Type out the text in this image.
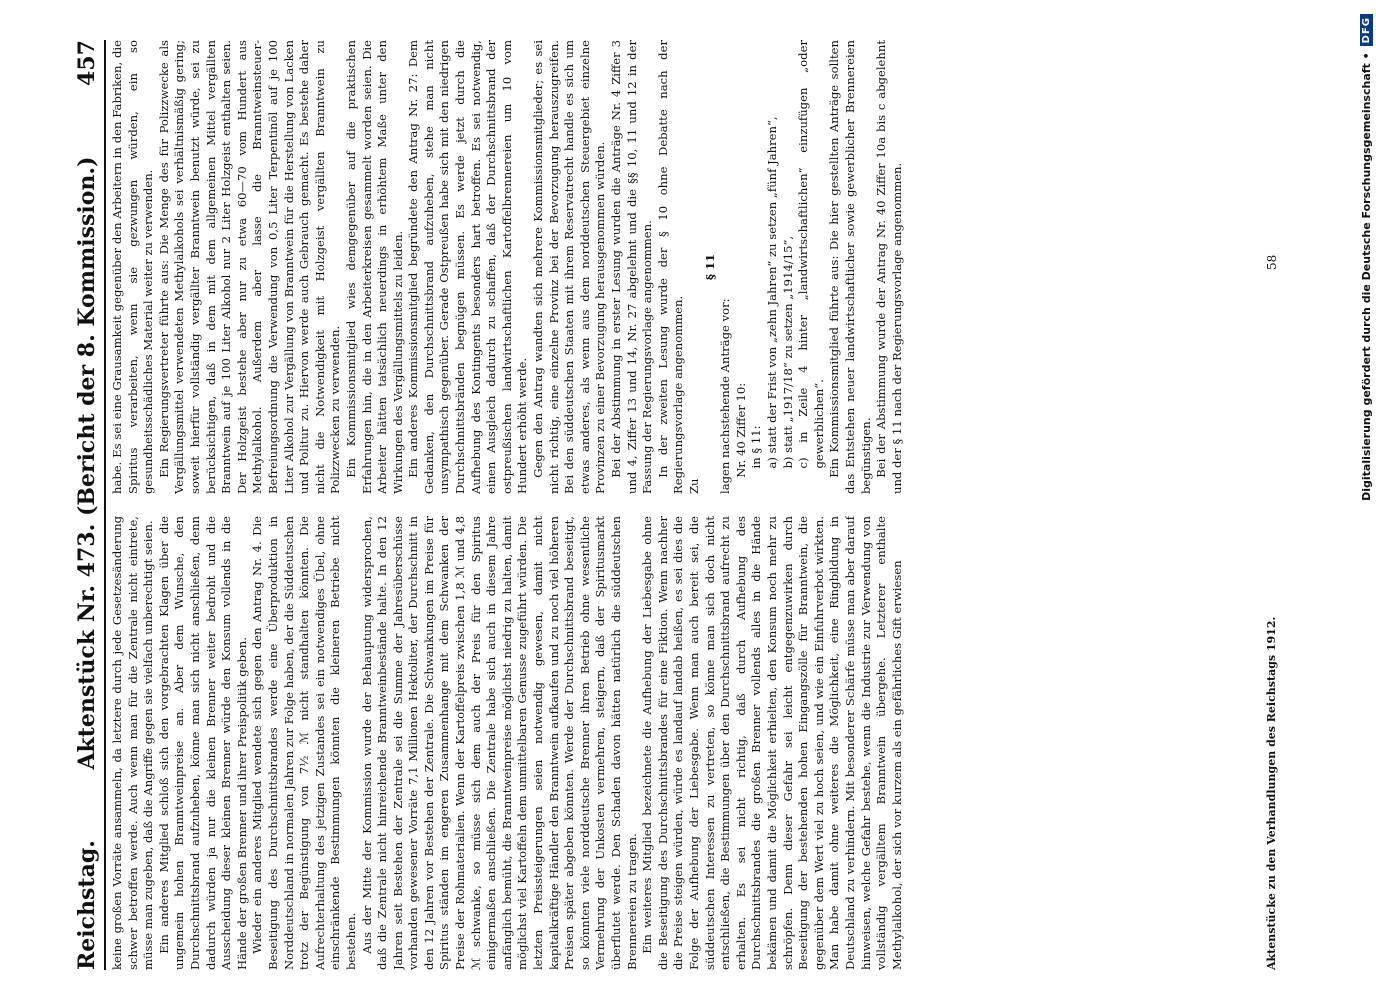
Reichstag.
Aktenstück Nr. 473. (Bericht der 8. Kommission.)
457

keine großen Vorräte ansammeln, da letztere durch jede Gesetzesänderung schwer betroffen werde. Auch wenn man für die Zentrale nicht eintrete, müsse man zugeben, daß die Angriffe gegen sie vielfach unberechtigt seien. Ein anderes Mitglied schloß sich den vorgebrachten Klagen über die ungemein hohen Branntweinpreise an. Aber dem Wunsche, den Durchschnittsbrand aufzuheben, könne man sich nicht anschließen, denn dadurch würden ja nur die kleinen Brenner weiter bedroht und die Ausscheidung dieser kleinen Brenner würde den Konsum vollends in die Hände der großen Brenner und ihrer Preispolitik geben. Wieder ein anderes Mitglied wendete sich gegen den Antrag Nr. 4. Die Beseitigung des Durchschnittsbrandes werde eine Überproduktion in Norddeutschland in normalen Jahren zur Folge haben, der die Süddeutschen trotz der Begünstigung von 7½ ℳ nicht standhalten könnten. Die Aufrechterhaltung des jetzigen Zustandes sei ein notwendiges Übel, ohne einschränkende Bestimmungen könnten die kleineren Betriebe nicht bestehen. Aus der Mitte der Kommission wurde der Behauptung widersprochen, daß die Zentrale nicht hinreichende Branntweinbestände halte. In den 12 Jahren seit Bestehen der Zentrale sei die Summe der Jahresüberschüsse vorhanden gewesener Vorräte 7,1 Millionen Hektoliter, der Durchschnitt in den 12 Jahren vor Bestehen der Zentrale. Die Schwankungen im Preise für Spiritus ständen im engeren Zusammenhange mit dem Schwanken der Preise der Rohmaterialien. Wenn der Kartoffelpreis zwischen 1,8 ℳ und 4,8 ℳ schwanke, so müsse sich dem auch der Preis für den Spiritus einigermaßen anschließen. Die Zentrale habe sich auch in diesem Jahre anfänglich bemüht, die Branntweinpreise möglichst niedrig zu halten, damit möglichst viel Kartoffeln dem unmittelbaren Genusse zugeführt würden. Die letzten Preissteigerungen seien notwendig gewesen, damit nicht kapitalkräftige Händler den Branntwein aufkaufen und zu noch viel höheren Preisen später abgeben könnten. Werde der Durchschnittsbrand beseitigt, so könnten viele norddeutsche Brenner ihren Betrieb ohne wesentliche Vermehrung der Unkosten vermehren, steigern, daß der Spiritusmarkt überflutet werde. Den Schaden davon hätten natürlich die süddeutschen Brennereien zu tragen. Ein weiteres Mitglied bezeichnete die Aufhebung der Liebesgabe ohne die Beseitigung des Durchschnittsbrandes für eine Fiktion. Wenn nachher die Preise steigen würden, würde es landauf landab heißen, es sei dies die Folge der Aufhebung der Liebesgabe. Wenn man auch bereit sei, die süddeutschen Interessen zu vertreten, so könne man sich doch nicht entschließen, die Bestimmungen über den Durchschnittsbrand aufrecht zu erhalten. Es sei nicht richtig, daß durch Aufhebung des Durchschnittsbrandes die großen Brenner vollends alles in die Hände bekämen und damit die Möglichkeit erhielten, den Konsum noch mehr zu schröpfen. Denn dieser Gefahr sei leicht entgegenzuwirken durch Beseitigung der bestehenden hohen Eingangszölle für Branntwein, die gegenüber dem Wert viel zu hoch seien, und wie ein Einfuhrverbot wirkten. Man habe damit ohne weiteres die Möglichkeit, eine Ringbildung in Deutschland zu verhindern. Mit besonderer Schärfe müsse man aber darauf hinweisen, welche Gefahr bestehe, wenn die Industrie zur Verwendung von vollständig vergälltem Branntwein übergehe. Letzterer enthalte Methylalkohol, der sich vor kurzem als ein gefährliches Gift erwiesen

habe. Es sei eine Grausamkeit gegenüber den Arbeitern in den Fabriken, die Spiritus verarbeiten, wenn sie gezwungen würden, ein so gesundheitsschädliches Material weiter zu verwenden. Ein Regierungsvertreter führte aus: Die Menge des für Polizzwecke als Vergällungsmittel verwendeten Methylalkohols sei verhältnismäßig gering; soweit hierfür vollständig vergällter Branntwein benutzt würde, sei zu berücksichtigen, daß in dem mit dem allgemeinen Mittel vergällten Branntwein auf je 100 Liter Alkohol nur 2 Liter Holzgeist enthalten seien. Der Holzgeist bestehe aber nur zu etwa 60—70 vom Hundert aus Methylalkohol. Außerdem aber lasse die Branntweinsteuer-Befreiungsordnung die Verwendung von 0,5 Liter Terpentinöl auf je 100 Liter Alkohol zur Vergällung von Branntwein für die Herstellung von Lacken und Politur zu. Hiervon werde auch Gebrauch gemacht. Es bestehe daher nicht die Notwendigkeit mit Holzgeist vergällten Branntwein zu Polizzwecken zu verwenden. Ein Kommissionsmitglied wies demgegenüber auf die praktischen Erfahrungen hin, die in den Arbeiterkreisen gesammelt worden seien. Die Arbeiter hätten tatsächlich neuerdings in erhöhtem Maße unter den Wirkungen des Vergällungsmittels zu leiden. Ein anderes Kommissionsmitglied begründete den Antrag Nr. 27: Dem Gedanken, den Durchschnittsbrand aufzuheben, stehe man nicht unsympathisch gegenüber. Gerade Ostpreußen habe sich mit den niedrigen Durchschnittsbränden begnügen müssen. Es werde jetzt durch die Aufhebung des Kontingents besonders hart betroffen. Es sei notwendig, einen Ausgleich dadurch zu schaffen, daß der Durchschnittsbrand der ostpreußischen landwirtschaftlichen Kartoffelbrennereien um 10 vom Hundert erhöht werde. Gegen den Antrag wandten sich mehrere Kommissionsmitglieder; es sei nicht richtig, eine einzelne Provinz bei der Bevorzugung herauszugreifen. Bei den süddeutschen Staaten mit ihrem Reservatrecht handle es sich um etwas anderes, als wenn aus dem norddeutschen Steuergebiet einzelne Provinzen zu einer Bevorzugung herausgenommen würden. Bei der Abstimmung in erster Lesung wurden die Anträge Nr. 4 Ziffer 3 und 4, Ziffer 13 und 14, Nr. 27 abgelehnt und die §§ 10, 11 und 12 in der Fassung der Regierungsvorlage angenommen. In der zweiten Lesung wurde der § 10 ohne Debatte nach der Regierungsvorlage angenommen. Zu

§ 11

lagen nachstehende Anträge vor: Nr. 40 Ziffer 10: in § 11: a) statt der Frist von „zehn Jahren“ zu setzen „fünf Jahren“, b) statt „1917/18“ zu setzen „1914/15“, c) in Zeile 4 hinter „landwirtschaftlichen“ einzufügen „oder gewerblichen“. Ein Kommissionsmitglied führte aus: Die hier gestellten Anträge sollten das Entstehen neuer landwirtschaftlicher sowie gewerblicher Brennereien begünstigen. Bei der Abstimmung wurde der Antrag Nr. 40 Ziffer 10a bis c abgelehnt und der § 11 nach der Regierungsvorlage angenommen.

Aktenstücke zu den Verhandlungen des Reichstags 1912.
58	Digitalisierung gefördert durch die Deutsche Forschungsgemeinschaft •
DFG
